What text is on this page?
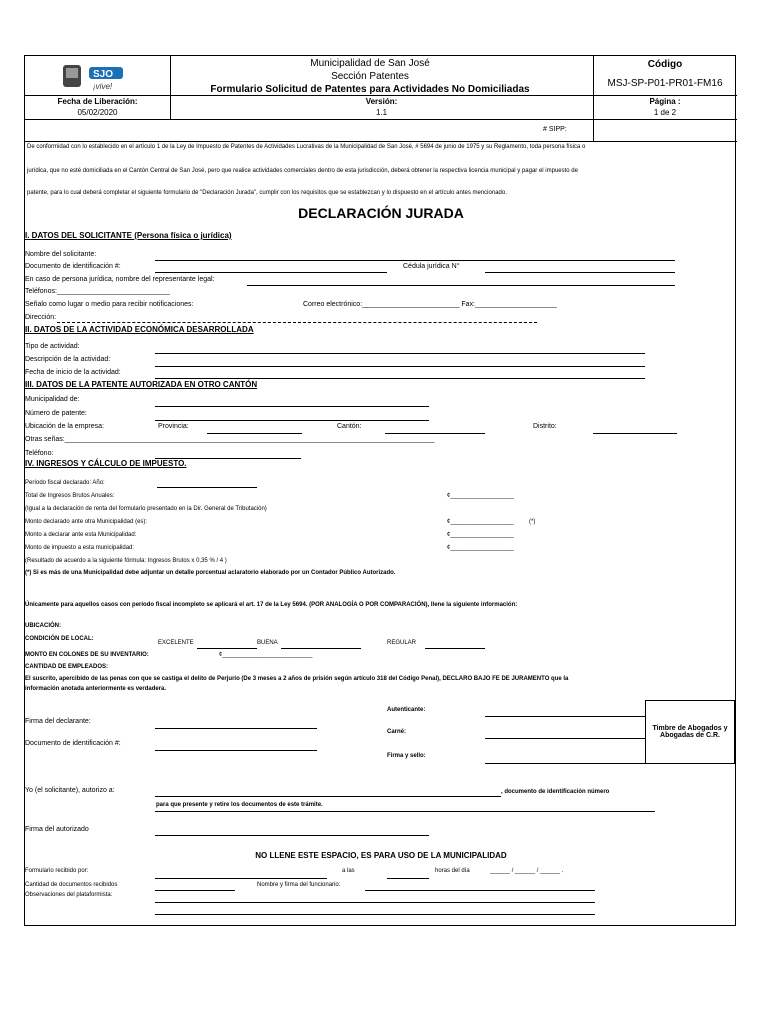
SJO
¡vive!
Municipalidad de San José
Sección Patentes
Formulario Solicitud de Patentes para Actividades No Domiciliadas
Código
MSJ-SP-P01-PR01-FM16
Fecha de Liberación:
05/02/2020
Versión:
1.1
Página :
1 de 2
# SIPP:
De conformidad con lo establecido en el artículo 1 de la Ley de Impuesto de Patentes de Actividades Lucrativas de la Municipalidad de San José, # 5694 de junio de 1975 y su Reglamento, toda persona física o
jurídica, que no esté domiciliada en el Cantón Central de San José, pero que realice actividades comerciales dentro de esta jurisdicción, deberá obtener la respectiva licencia municipal y pagar el impuesto de
patente, para lo cual deberá completar el siguiente formulario de "Declaración Jurada", cumplir con los requisitos que se establezcan y lo dispuesto en el artículo antes mencionado.
DECLARACIÓN JURADA
I. DATOS DEL SOLICITANTE (Persona física o jurídica)
Nombre del solicitante:
Documento de identificación #:	Cédula jurídica N°
En caso de persona jurídica, nombre del representante legal:
Teléfonos:_____________________________
Señalo como lugar o medio para recibir notificaciones:	Correo electrónico:_________________________ Fax:_____________________
Dirección:
II. DATOS DE LA ACTIVIDAD ECONÓMICA DESARROLLADA
Tipo de actividad:
Descripción de la actividad:
Fecha de inicio de la actividad:
III. DATOS DE LA PATENTE AUTORIZADA EN OTRO CANTÓN
Municipalidad de:
Número de patente:
Ubicación de la empresa:	Provincia:	Cantón:	Distrito:
Otras señas:_______________________________________________________________________________________________
Teléfono:
IV. INGRESOS Y CÁLCULO DE IMPUESTO.
Período fiscal declarado: Año:
Total de Ingresos Brutos Anuales:	¢___________________
(Igual a la declaración de renta del formulario presentado en la Dir. General de Tributación)
Monto declarado ante otra Municipalidad (es):	¢___________________	(*)
Monto a declarar ante esta Municipalidad:	¢___________________
Monto de impuesto a esta municipalidad:	¢___________________
(Resultado de acuerdo a la siguiente fórmula: Ingresos Brutos x 0,35 % / 4 )
(*) Si es más de una Municipalidad debe adjuntar un detalle porcentual aclaratorio elaborado por un Contador Público Autorizado.
Únicamente para aquellos casos con período fiscal incompleto se aplicará el art. 17 de la Ley 5694. (POR ANALOGÍA O POR COMPARACIÓN), llene la siguiente información:
UBICACIÓN:
CONDICIÓN DE LOCAL:
EXCELENTE	BUENA	REGULAR
MONTO EN COLONES DE SU INVENTARIO:	¢___________________________
CANTIDAD DE EMPLEADOS:
El suscrito, apercibido de las penas con que se castiga el delito de Perjurio (De 3 meses a 2 años de prisión según artículo 318 del Código Penal), DECLARO BAJO FE DE JURAMENTO que la
información anotada anteriormente es verdadera.
Autenticante:
Firma del declarante:
Carné:
Documento de identificación #:
Firma y sello:
Timbre de Abogados y Abogadas de C.R.
Yo (el solicitante), autorizo a:	, documento de identificación número
para que presente y retire los documentos de este trámite.
Firma del autorizado
NO LLENE ESTE ESPACIO, ES PARA USO DE LA MUNICIPALIDAD
Formulario recibido por:	a las	horas del día	______ / ______ / ______ .
Cantidad de documentos recibidos	Nombre y firma del funcionario:
Observaciones del plataformista:
